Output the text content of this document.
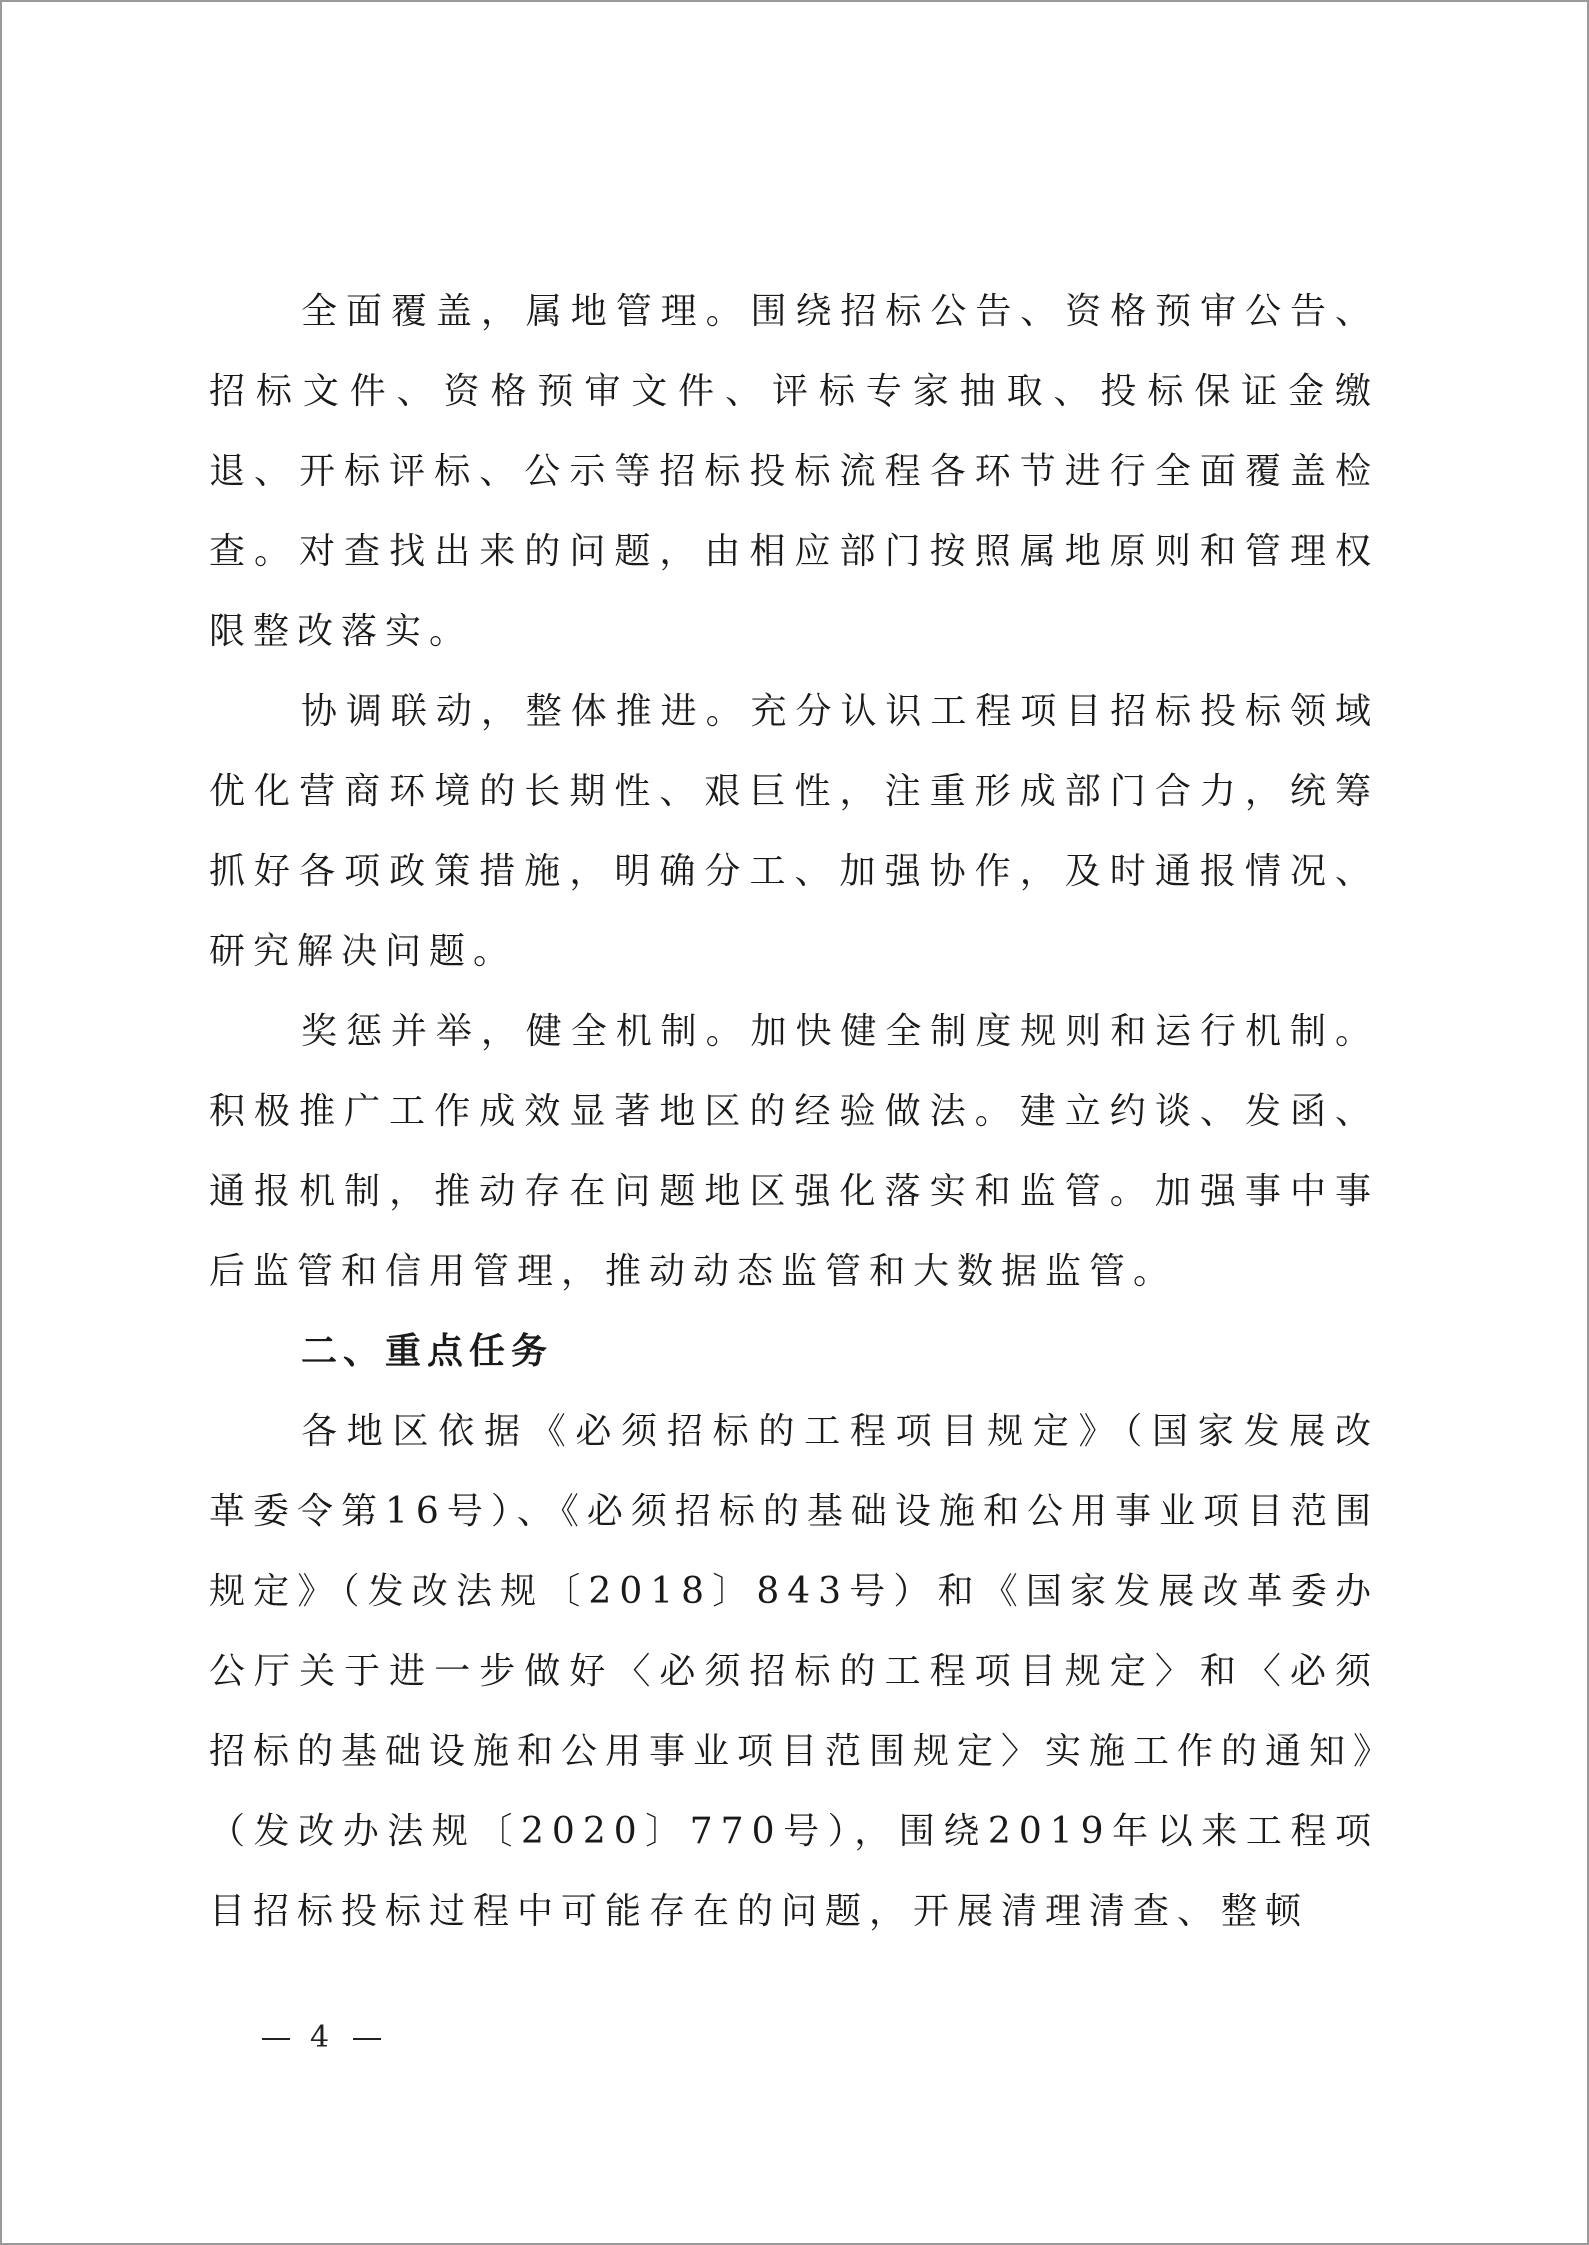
全面覆盖，属地管理。围绕招标公告、资格预审公告、招标文件、资格预审文件、评标专家抽取、投标保证金缴退、开标评标、公示等招标投标流程各环节进行全面覆盖检查。对查找出来的问题，由相应部门按照属地原则和管理权限整改落实。

协调联动，整体推进。充分认识工程项目招标投标领域优化营商环境的长期性、艰巨性，注重形成部门合力，统筹抓好各项政策措施，明确分工、加强协作，及时通报情况、研究解决问题。

奖惩并举，健全机制。加快健全制度规则和运行机制。积极推广工作成效显著地区的经验做法。建立约谈、发函、通报机制，推动存在问题地区强化落实和监管。加强事中事后监管和信用管理，推动动态监管和大数据监管。

二、重点任务

各地区依据《必须招标的工程项目规定》（国家发展改革委令第16号）、《必须招标的基础设施和公用事业项目范围规定》（发改法规〔2018〕843号）和《国家发展改革委办公厅关于进一步做好〈必须招标的工程项目规定〉和〈必须招标的基础设施和公用事业项目范围规定〉实施工作的通知》（发改办法规〔2020〕770号），围绕2019年以来工程项目招标投标过程中可能存在的问题，开展清理清查、整顿

4
